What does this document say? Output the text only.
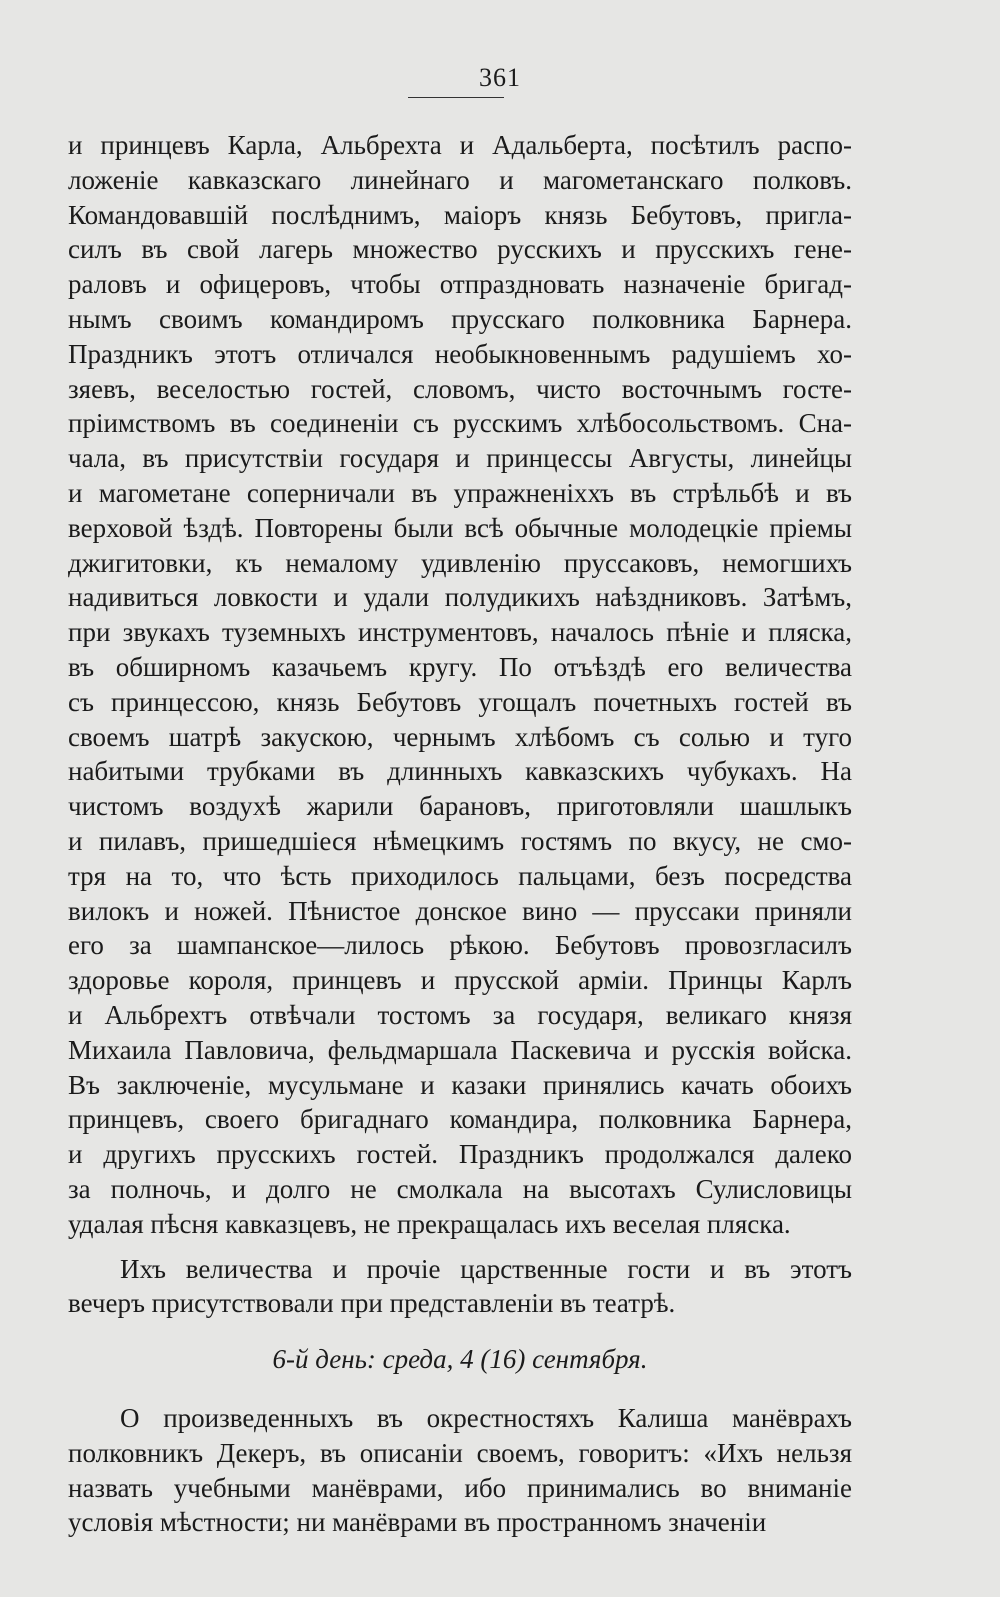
361
и принцевъ Карла, Альбрехта и Адальберта, посѣтилъ распо-
ложеніе кавказскаго линейнаго и магометанскаго полковъ.
Командовавшій послѣднимъ, маіоръ князь Бебутовъ, пригла-
силъ въ свой лагерь множество русскихъ и прусскихъ гене-
раловъ и офицеровъ, чтобы отпраздновать назначеніе бригад-
нымъ своимъ командиромъ прусскаго полковника Барнера.
Праздникъ этотъ отличался необыкновеннымъ радушіемъ хо-
зяевъ, веселостью гостей, словомъ, чисто восточнымъ госте-
пріимствомъ въ соединеніи съ русскимъ хлѣбосольствомъ. Сна-
чала, въ присутствіи государя и принцессы Августы, линейцы
и магометане соперничали въ упражненіххъ въ стрѣльбѣ и въ
верховой ѣздѣ. Повторены были всѣ обычные молодецкіе пріемы
джигитовки, къ немалому удивленію пруссаковъ, немогшихъ
надивиться ловкости и удали полудикихъ наѣздниковъ. Затѣмъ,
при звукахъ туземныхъ инструментовъ, началось пѣніе и пляска,
въ обширномъ казачьемъ кругу. По отъѣздѣ его величества
съ принцессою, князь Бебутовъ угощалъ почетныхъ гостей въ
своемъ шатрѣ закускою, чернымъ хлѣбомъ съ солью и туго
набитыми трубками въ длинныхъ кавказскихъ чубукахъ. На
чистомъ воздухѣ жарили барановъ, приготовляли шашлыкъ
и пилавъ, пришедшіеся нѣмецкимъ гостямъ по вкусу, не смо-
тря на то, что ѣсть приходилось пальцами, безъ посредства
вилокъ и ножей. Пѣнистое донское вино — пруссаки приняли
его за шампанское—лилось рѣкою. Бебутовъ провозгласилъ
здоровье короля, принцевъ и прусской арміи. Принцы Карлъ
и Альбрехтъ отвѣчали тостомъ за государя, великаго князя
Михаила Павловича, фельдмаршала Паскевича и русскія войска.
Въ заключеніе, мусульмане и казаки принялись качать обоихъ
принцевъ, своего бригаднаго командира, полковника Барнера,
и другихъ прусскихъ гостей. Праздникъ продолжался далеко
за полночь, и долго не смолкала на высотахъ Сулисловицы
удалая пѣсня кавказцевъ, не прекращалась ихъ веселая пляска.
Ихъ величества и прочіе царственные гости и въ этотъ
вечеръ присутствовали при представленіи въ театрѣ.
6-й день: среда, 4 (16) сентября.
О произведенныхъ въ окрестностяхъ Калиша манёврахъ
полковникъ Декеръ, въ описаніи своемъ, говоритъ: «Ихъ нельзя
назвать учебными манёврами, ибо принимались во вниманіе
условія мѣстности; ни манёврами въ пространномъ значеніи
